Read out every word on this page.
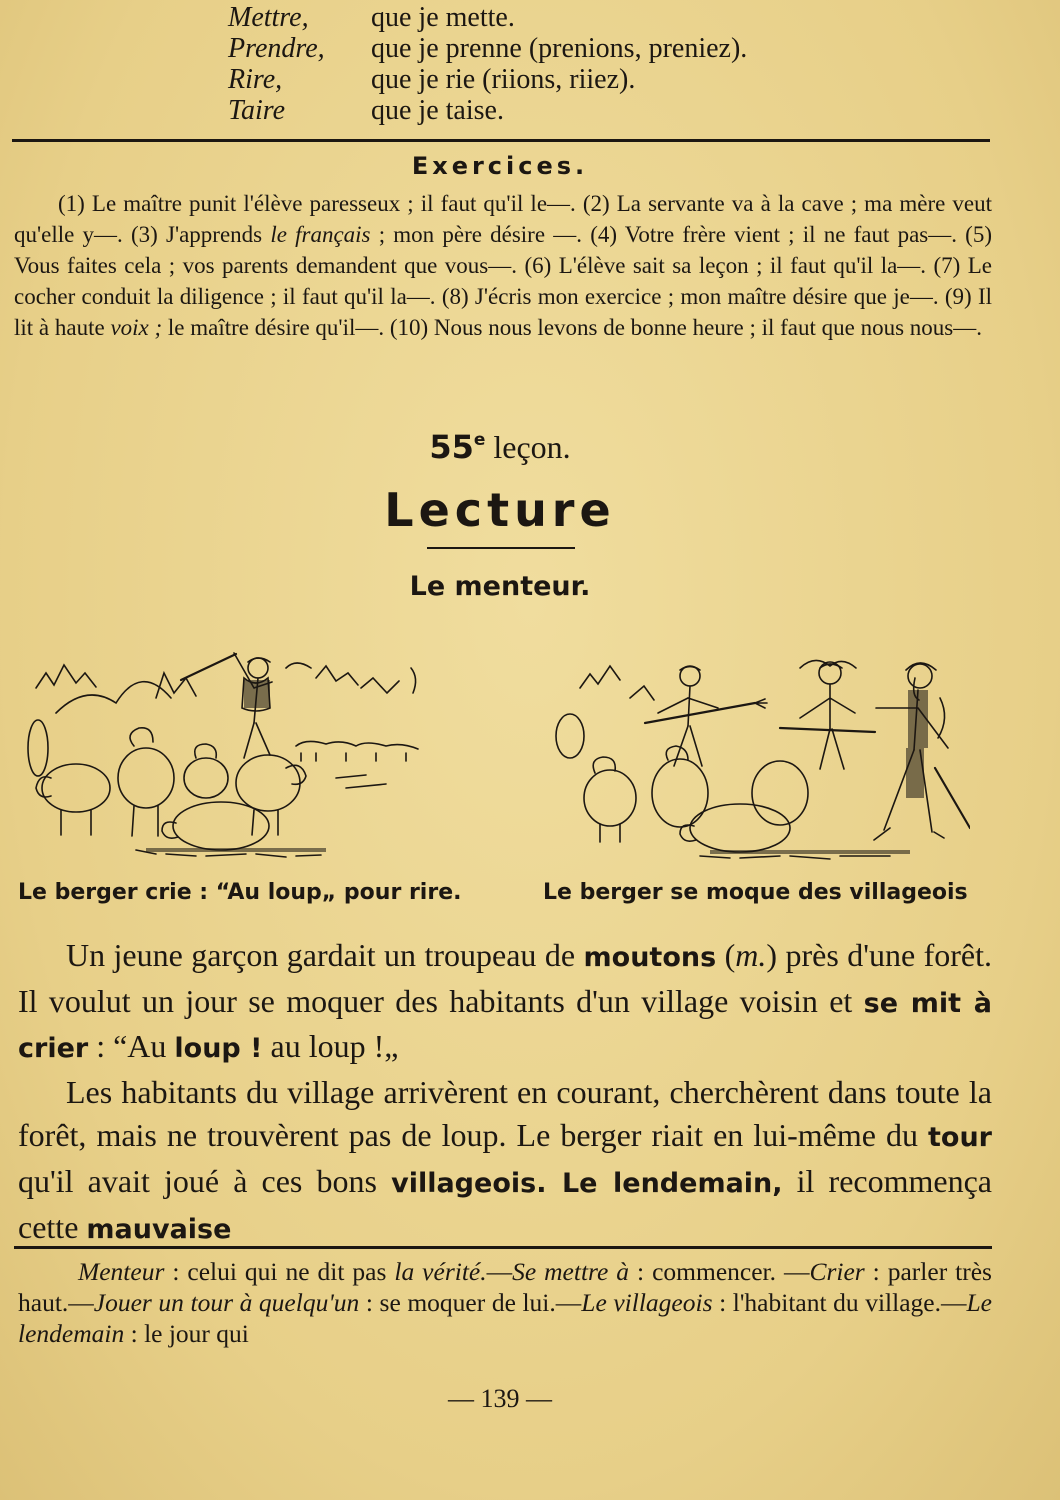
Mettre,	que je mette.
Prendre,	que je prenne (prenions, preniez).
Rire,	que je rie (riions, riiez).
Taire	que je taise.
Exercices.
(1) Le maître punit l'élève paresseux ; il faut qu'il le—. (2) La servante va à la cave ; ma mère veut qu'elle y—. (3) J'apprends le français ; mon père désire —. (4) Votre frère vient ; il ne faut pas—. (5) Vous faites cela ; vos parents demandent que vous—. (6) L'élève sait sa leçon ; il faut qu'il la—. (7) Le cocher conduit la diligence ; il faut qu'il la—. (8) J'écris mon exercice ; mon maître désire que je—. (9) Il lit à haute voix ; le maître désire qu'il—. (10) Nous nous levons de bonne heure ; il faut que nous nous—.
55e leçon.
Lecture
Le menteur.
Le berger crie : “Au loup„ pour rire.	Le berger se moque des villageois

Un jeune garçon gardait un troupeau de moutons (m.) près d'une forêt. Il voulut un jour se moquer des habitants d'un village voisin et se mit à crier : “Au loup ! au loup !„

Les habitants du village arrivèrent en courant, cherchèrent dans toute la forêt, mais ne trouvèrent pas de loup. Le berger riait en lui-même du tour qu'il avait joué à ces bons villageois. Le lendemain, il recommença cette mauvaise

Menteur : celui qui ne dit pas la vérité.—Se mettre à : commencer. —Crier : parler très haut.—Jouer un tour à quelqu'un : se moquer de lui.—Le villageois : l'habitant du village.—Le lendemain : le jour qui
— 139 —
